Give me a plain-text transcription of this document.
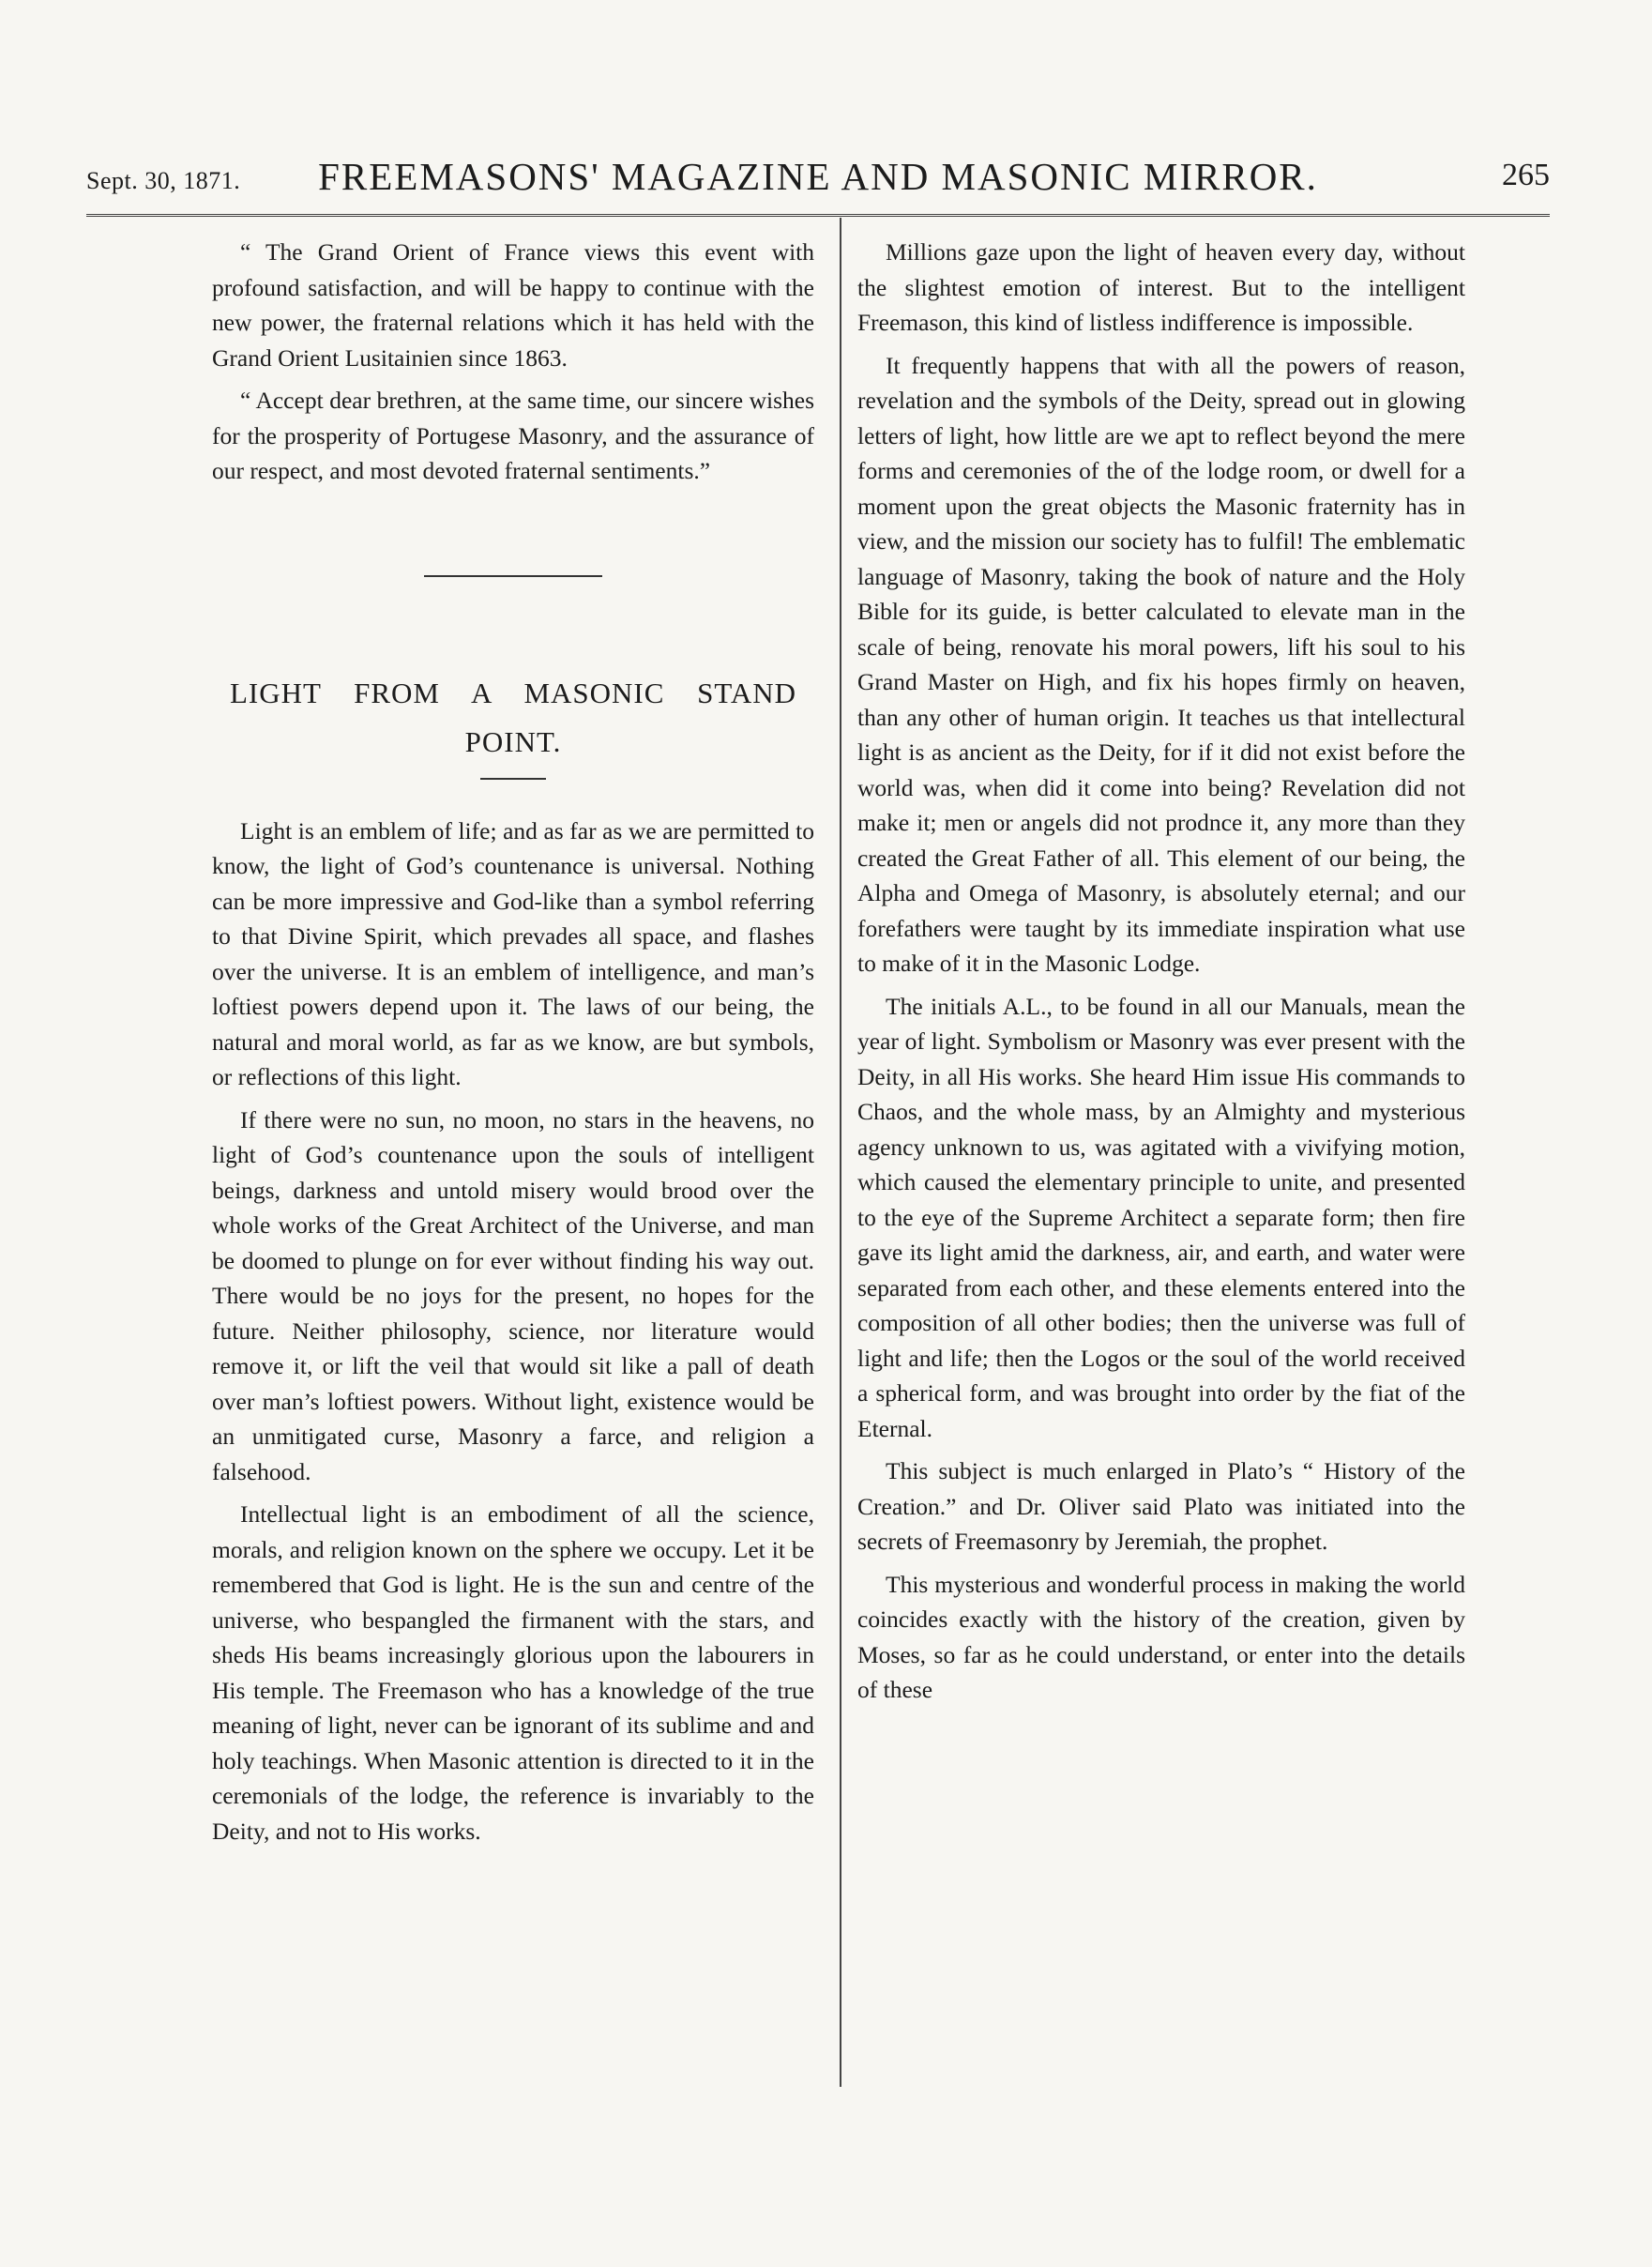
Sept. 30, 1871.	FREEMASONS' MAGAZINE AND MASONIC MIRROR.	265

“ The Grand Orient of France views this event with profound satisfaction, and will be happy to continue with the new power, the fraternal relations which it has held with the Grand Orient Lusitainien since 1863.

“ Accept dear brethren, at the same time, our sincere wishes for the prosperity of Portugese Masonry, and the assurance of our respect, and most devoted fraternal sentiments.”

LIGHT FROM A MASONIC STAND POINT.

Light is an emblem of life; and as far as we are permitted to know, the light of God’s countenance is universal. Nothing can be more impressive and God-like than a symbol referring to that Divine Spirit, which prevades all space, and flashes over the universe. It is an emblem of intelligence, and man’s loftiest powers depend upon it. The laws of our being, the natural and moral world, as far as we know, are but symbols, or reflections of this light.

If there were no sun, no moon, no stars in the heavens, no light of God’s countenance upon the souls of intelligent beings, darkness and untold misery would brood over the whole works of the Great Architect of the Universe, and man be doomed to plunge on for ever without finding his way out. There would be no joys for the present, no hopes for the future. Neither philosophy, science, nor literature would remove it, or lift the veil that would sit like a pall of death over man’s loftiest powers. Without light, existence would be an unmitigated curse, Masonry a farce, and religion a falsehood.

Intellectual light is an embodiment of all the science, morals, and religion known on the sphere we occupy. Let it be remembered that God is light. He is the sun and centre of the universe, who bespangled the firmanent with the stars, and sheds His beams increasingly glorious upon the labourers in His temple. The Freemason who has a knowledge of the true meaning of light, never can be ignorant of its sublime and and holy teachings. When Masonic attention is directed to it in the ceremonials of the lodge, the reference is invariably to the Deity, and not to His works.

Millions gaze upon the light of heaven every day, without the slightest emotion of interest. But to the intelligent Freemason, this kind of listless indifference is impossible.

It frequently happens that with all the powers of reason, revelation and the symbols of the Deity, spread out in glowing letters of light, how little are we apt to reflect beyond the mere forms and ceremonies of the of the lodge room, or dwell for a moment upon the great objects the Masonic fraternity has in view, and the mission our society has to fulfil! The emblematic language of Masonry, taking the book of nature and the Holy Bible for its guide, is better calculated to elevate man in the scale of being, renovate his moral powers, lift his soul to his Grand Master on High, and fix his hopes firmly on heaven, than any other of human origin. It teaches us that intellectural light is as ancient as the Deity, for if it did not exist before the world was, when did it come into being? Revelation did not make it; men or angels did not prodnce it, any more than they created the Great Father of all. This element of our being, the Alpha and Omega of Masonry, is absolutely eternal; and our forefathers were taught by its immediate inspiration what use to make of it in the Masonic Lodge.

The initials A.L., to be found in all our Manuals, mean the year of light. Symbolism or Masonry was ever present with the Deity, in all His works. She heard Him issue His commands to Chaos, and the whole mass, by an Almighty and mysterious agency unknown to us, was agitated with a vivifying motion, which caused the elementary principle to unite, and presented to the eye of the Supreme Architect a separate form; then fire gave its light amid the darkness, air, and earth, and water were separated from each other, and these elements entered into the composition of all other bodies; then the universe was full of light and life; then the Logos or the soul of the world received a spherical form, and was brought into order by the fiat of the Eternal.

This subject is much enlarged in Plato’s “ History of the Creation.” and Dr. Oliver said Plato was initiated into the secrets of Freemasonry by Jeremiah, the prophet.

This mysterious and wonderful process in making the world coincides exactly with the history of the creation, given by Moses, so far as he could understand, or enter into the details of these
